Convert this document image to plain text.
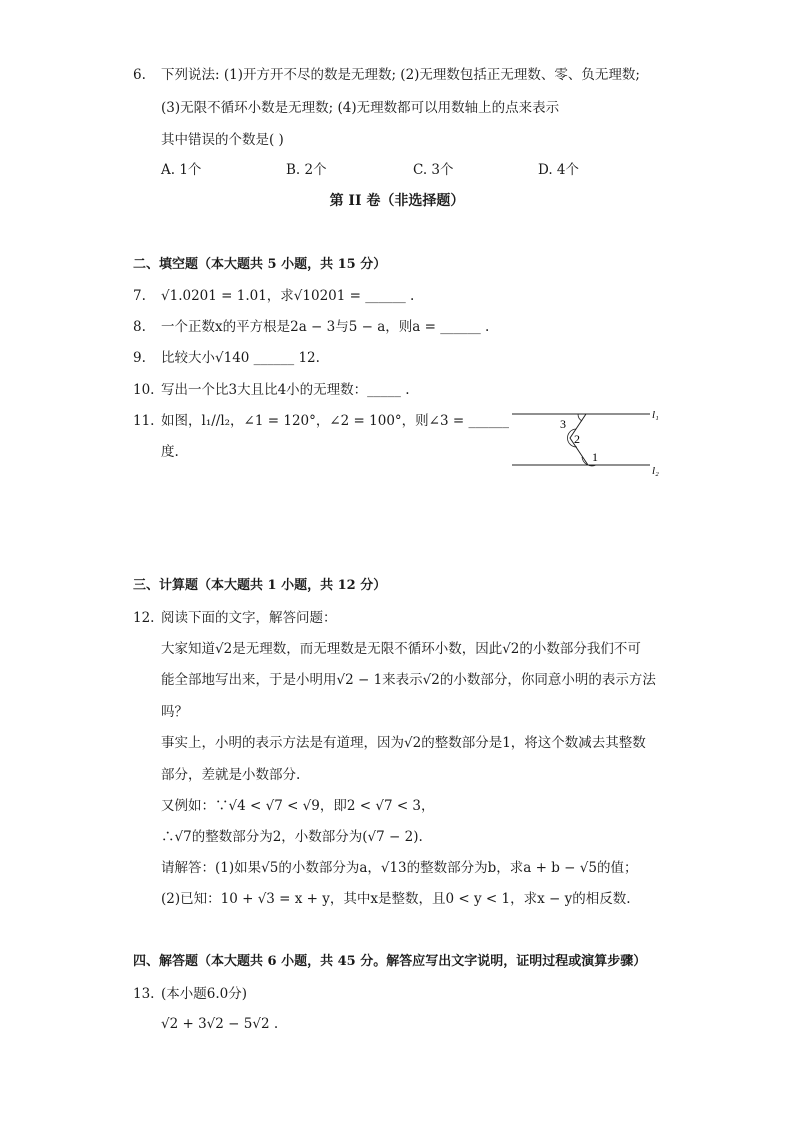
6. 下列说法: (1)开方开不尽的数是无理数; (2)无理数包括正无理数、零、负无理数;
(3)无限不循环小数是无理数; (4)无理数都可以用数轴上的点来表示
其中错误的个数是( )
A. 1个	B. 2个	C. 3个	D. 4个
第 II 卷（非选择题）
二、填空题（本大题共 5 小题，共 15 分）
7. √1.0201 = 1.01，求√10201 = ______ .
8. 一个正数x的平方根是2a − 3与5 − a，则a = ______ .
9. 比较大小√140 ______ 12.
10. 写出一个比3大且比4小的无理数：_____ .
11. 如图，l₁//l₂，∠1 = 120°，∠2 = 100°，则∠3 = ______
度.
3
2
1
l₁
l₂
三、计算题（本大题共 1 小题，共 12 分）
12. 阅读下面的文字，解答问题：
大家知道√2是无理数，而无理数是无限不循环小数，因此√2的小数部分我们不可
能全部地写出来，于是小明用√2 − 1来表示√2的小数部分，你同意小明的表示方法
吗？
事实上，小明的表示方法是有道理，因为√2的整数部分是1，将这个数减去其整数
部分，差就是小数部分.
又例如：∵√4 < √7 < √9，即2 < √7 < 3，
∴√7的整数部分为2，小数部分为(√7 − 2).
请解答：(1)如果√5的小数部分为a，√13的整数部分为b，求a + b − √5的值；
(2)已知：10 + √3 = x + y，其中x是整数，且0 < y < 1，求x − y的相反数.
四、解答题（本大题共 6 小题，共 45 分。解答应写出文字说明，证明过程或演算步骤）
13. (本小题6.0分)
√2 + 3√2 − 5√2 .
